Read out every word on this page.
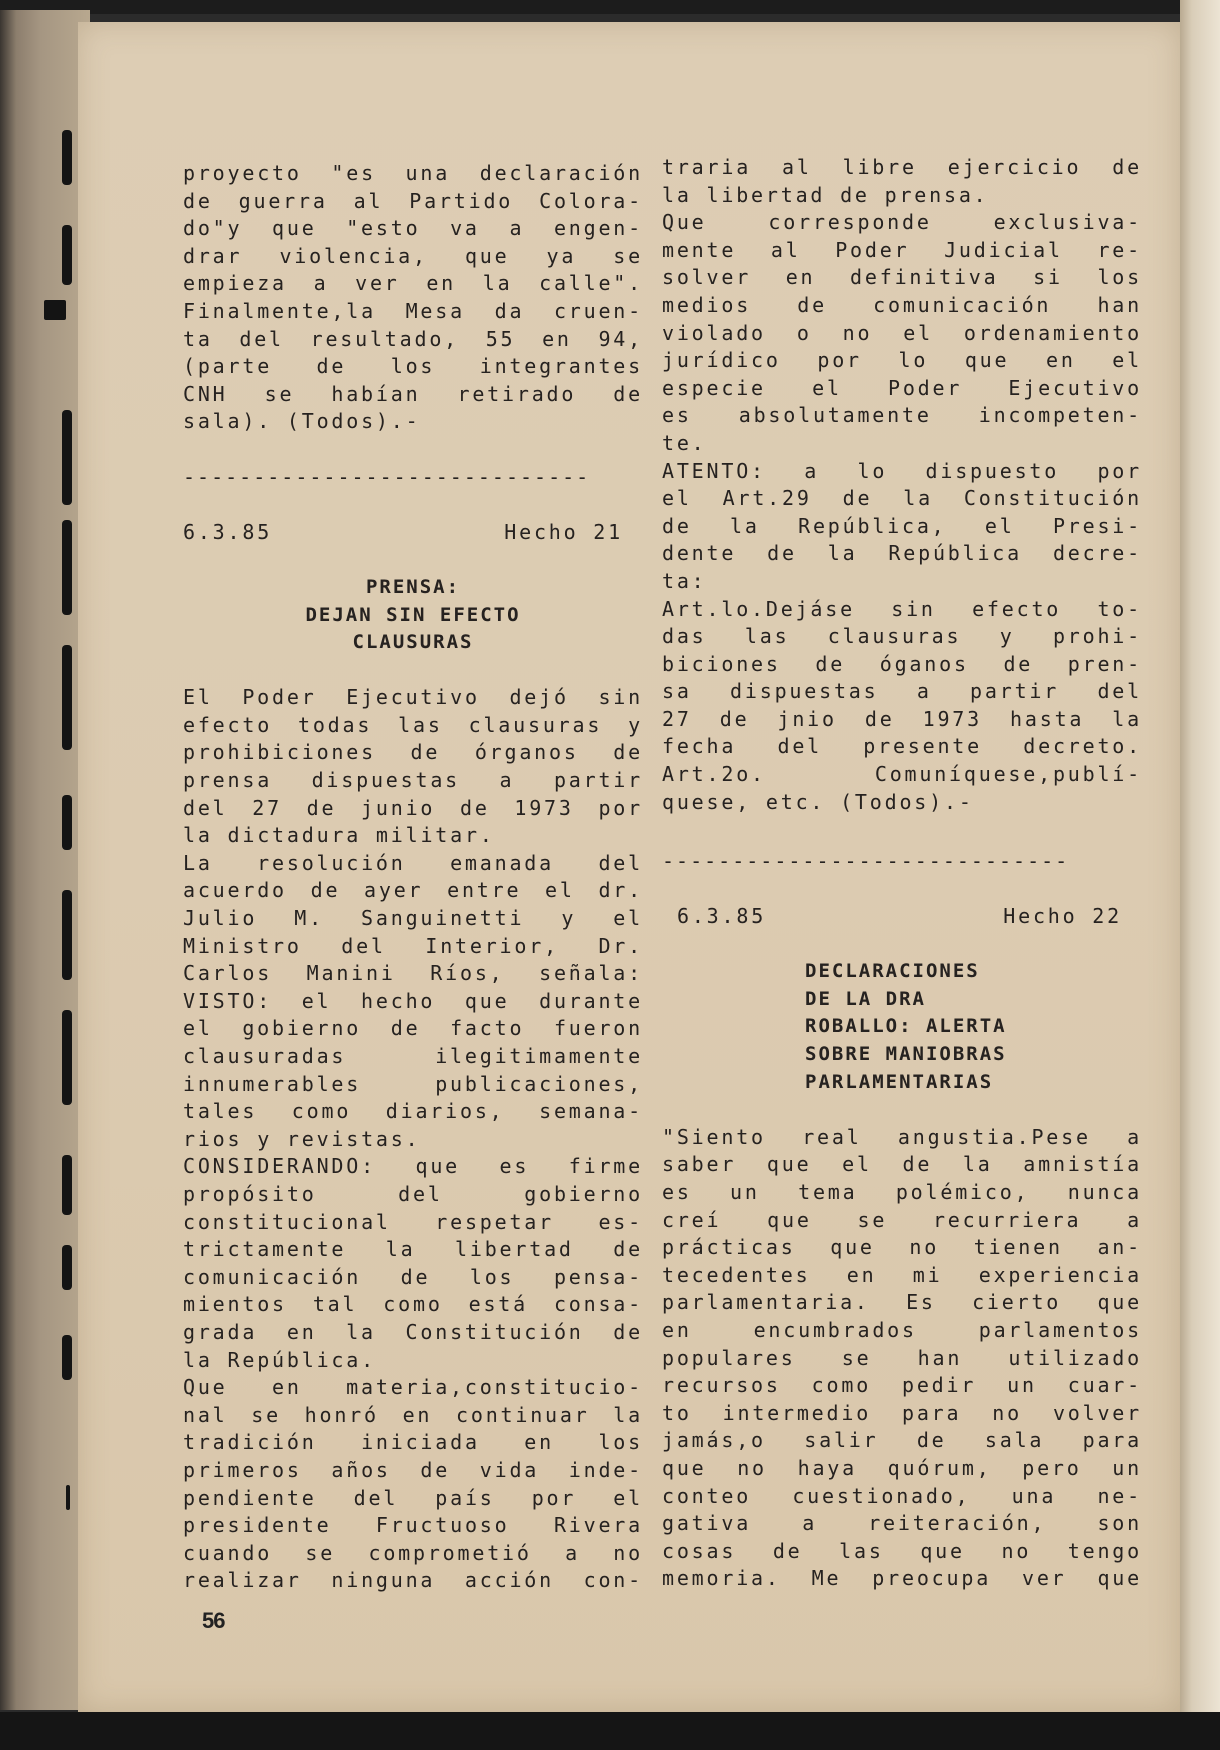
proyecto "es una declaración

de guerra al Partido Colora-

do"y que "esto va a engen-

drar violencia, que ya se

empieza a ver en la calle".

Finalmente,la Mesa da cruen-

ta del resultado, 55 en 94,

(parte de los integrantes

CNH se habían retirado de

sala). (Todos).-

-----------------------------

6.3.85	Hecho 21

PRENSA:

DEJAN SIN EFECTO

CLAUSURAS

El Poder Ejecutivo dejó sin

efecto todas las clausuras y

prohibiciones de órganos de

prensa dispuestas a partir

del 27 de junio de 1973 por

la dictadura militar.

La resolución emanada del

acuerdo de ayer entre el dr.

Julio M. Sanguinetti y el

Ministro del Interior, Dr.

Carlos Manini Ríos, señala:

VISTO: el hecho que durante

el gobierno de facto fueron

clausuradas ilegitimamente

innumerables publicaciones,

tales como diarios, semana-

rios y revistas.

CONSIDERANDO: que es firme

propósito del gobierno

constitucional respetar es-

trictamente la libertad de

comunicación de los pensa-

mientos tal como está consa-

grada en la Constitución de

la República.

Que en materia,constitucio-

nal se honró en continuar la

tradición iniciada en los

primeros años de vida inde-

pendiente del país por el

presidente Fructuoso Rivera

cuando se comprometió a no

realizar ninguna acción con-

traria al libre ejercicio de

la libertad de prensa.

Que corresponde exclusiva-

mente al Poder Judicial re-

solver en definitiva si los

medios de comunicación han

violado o no el ordenamiento

jurídico por lo que en el

especie el Poder Ejecutivo

es absolutamente incompeten-

te.

ATENTO: a lo dispuesto por

el Art.29 de la Constitución

de la República, el Presi-

dente de la República decre-

ta:

Art.lo.Dejáse sin efecto to-

das las clausuras y prohi-

biciones de óganos de pren-

sa dispuestas a partir del

27 de jnio de 1973 hasta la

fecha del presente decreto.

Art.2o. Comuníquese,publí-

quese, etc. (Todos).-

-----------------------------

6.3.85	Hecho 22

DECLARACIONES

DE LA DRA

ROBALLO: ALERTA

SOBRE MANIOBRAS

PARLAMENTARIAS

"Siento real angustia.Pese a

saber que el de la amnistía

es un tema polémico, nunca

creí que se recurriera a

prácticas que no tienen an-

tecedentes en mi experiencia

parlamentaria. Es cierto que

en encumbrados parlamentos

populares se han utilizado

recursos como pedir un cuar-

to intermedio para no volver

jamás,o salir de sala para

que no haya quórum, pero un

conteo cuestionado, una ne-

gativa a reiteración, son

cosas de las que no tengo

memoria. Me preocupa ver que

56
